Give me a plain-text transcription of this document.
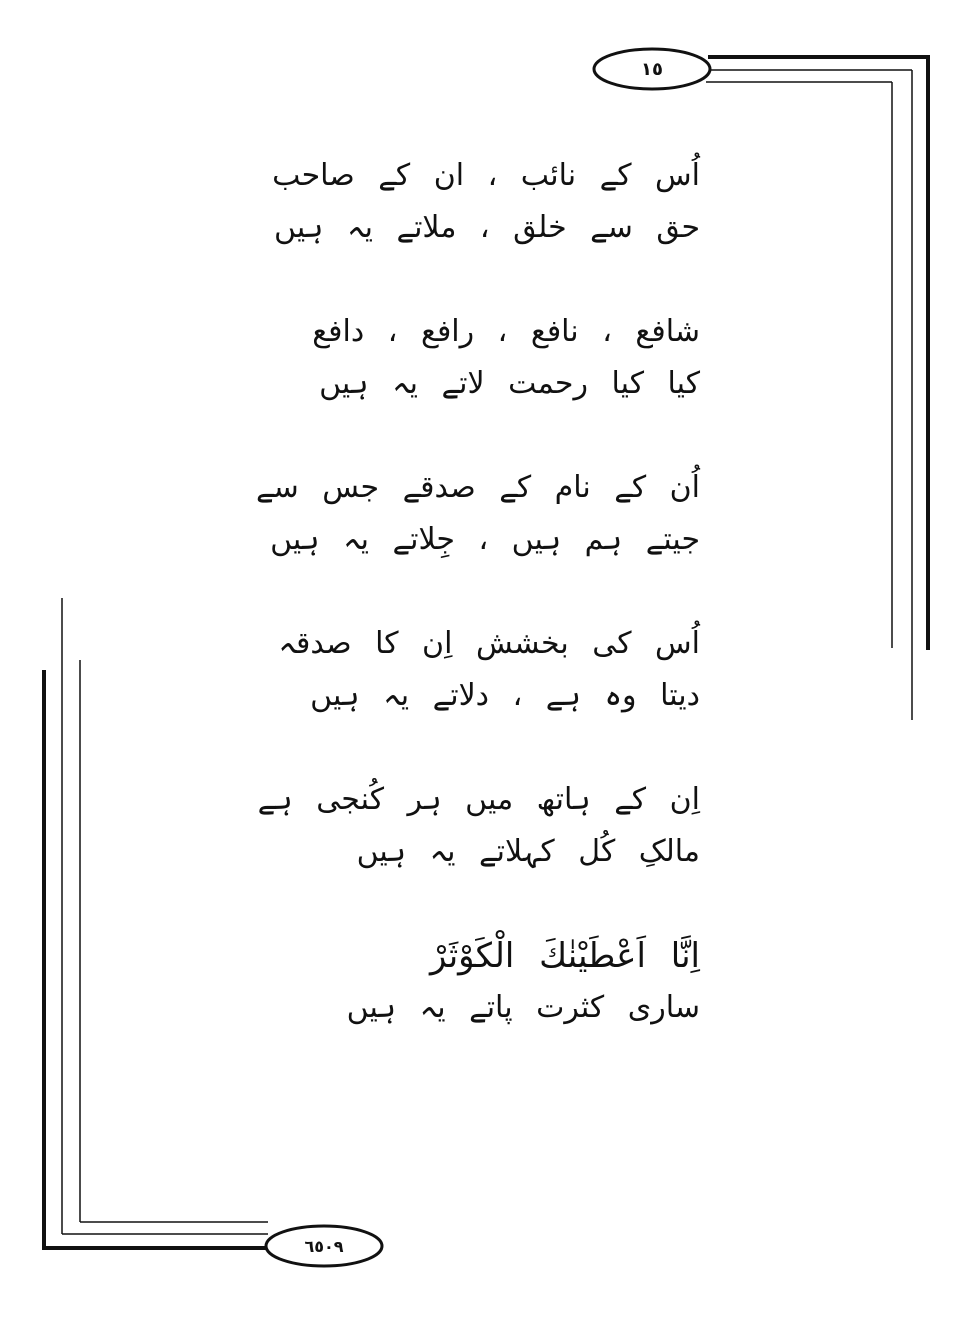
١٥
٦٥٠٩
اُس کے نائب ، ان کے صاحب
حق سے خلق ، ملاتے یہ ہیں
شافع ، نافع ، رافع ، دافع
کیا کیا رحمت لاتے یہ ہیں
اُن کے نام کے صدقے جس سے
جیتے ہم ہیں ، جِلاتے یہ ہیں
اُس کی بخشش اِن کا صدقہ
دیتا وہ ہے ، دلاتے یہ ہیں
اِن کے ہاتھ میں ہر کُنجی ہے
مالکِ کُل کہلاتے یہ ہیں
اِنَّا اَعْطَيْنٰكَ الْكَوْثَرْ
ساری کثرت پاتے یہ ہیں
